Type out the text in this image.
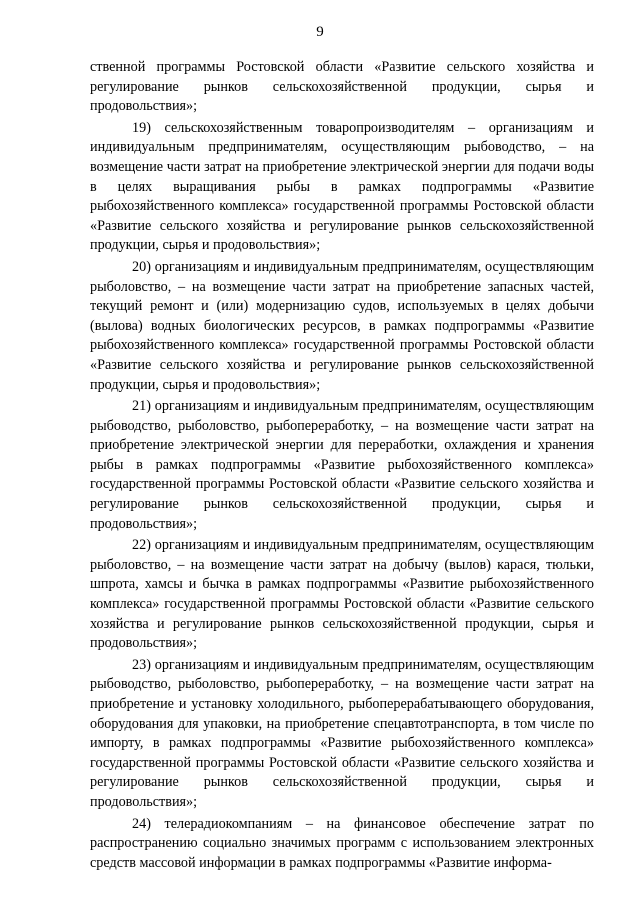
9

ственной программы Ростовской области «Развитие сельского хозяйства и регулирование рынков сельскохозяйственной продукции, сырья и продовольствия»;

19) сельскохозяйственным товаропроизводителям – организациям и индивидуальным предпринимателям, осуществляющим рыбоводство, – на возмещение части затрат на приобретение электрической энергии для подачи воды в целях выращивания рыбы в рамках подпрограммы «Развитие рыбохозяйственного комплекса» государственной программы Ростовской области «Развитие сельского хозяйства и регулирование рынков сельскохозяйственной продукции, сырья и продовольствия»;

20) организациям и индивидуальным предпринимателям, осуществляющим рыболовство, – на возмещение части затрат на приобретение запасных частей, текущий ремонт и (или) модернизацию судов, используемых в целях добычи (вылова) водных биологических ресурсов, в рамках подпрограммы «Развитие рыбохозяйственного комплекса» государственной программы Ростовской области «Развитие сельского хозяйства и регулирование рынков сельскохозяйственной продукции, сырья и продовольствия»;

21) организациям и индивидуальным предпринимателям, осуществляющим рыбоводство, рыболовство, рыбопереработку, – на возмещение части затрат на приобретение электрической энергии для переработки, охлаждения и хранения рыбы в рамках подпрограммы «Развитие рыбохозяйственного комплекса» государственной программы Ростовской области «Развитие сельского хозяйства и регулирование рынков сельскохозяйственной продукции, сырья и продовольствия»;

22) организациям и индивидуальным предпринимателям, осуществляющим рыболовство, – на возмещение части затрат на добычу (вылов) карася, тюльки, шпрота, хамсы и бычка в рамках подпрограммы «Развитие рыбохозяйственного комплекса» государственной программы Ростовской области «Развитие сельского хозяйства и регулирование рынков сельскохозяйственной продукции, сырья и продовольствия»;

23) организациям и индивидуальным предпринимателям, осуществляющим рыбоводство, рыболовство, рыбопереработку, – на возмещение части затрат на приобретение и установку холодильного, рыбоперерабатывающего оборудования, оборудования для упаковки, на приобретение спецавтотранспорта, в том числе по импорту, в рамках подпрограммы «Развитие рыбохозяйственного комплекса» государственной программы Ростовской области «Развитие сельского хозяйства и регулирование рынков сельскохозяйственной продукции, сырья и продовольствия»;

24) телерадиокомпаниям – на финансовое обеспечение затрат по распространению социально значимых программ с использованием электронных средств массовой информации в рамках подпрограммы «Развитие информа-
